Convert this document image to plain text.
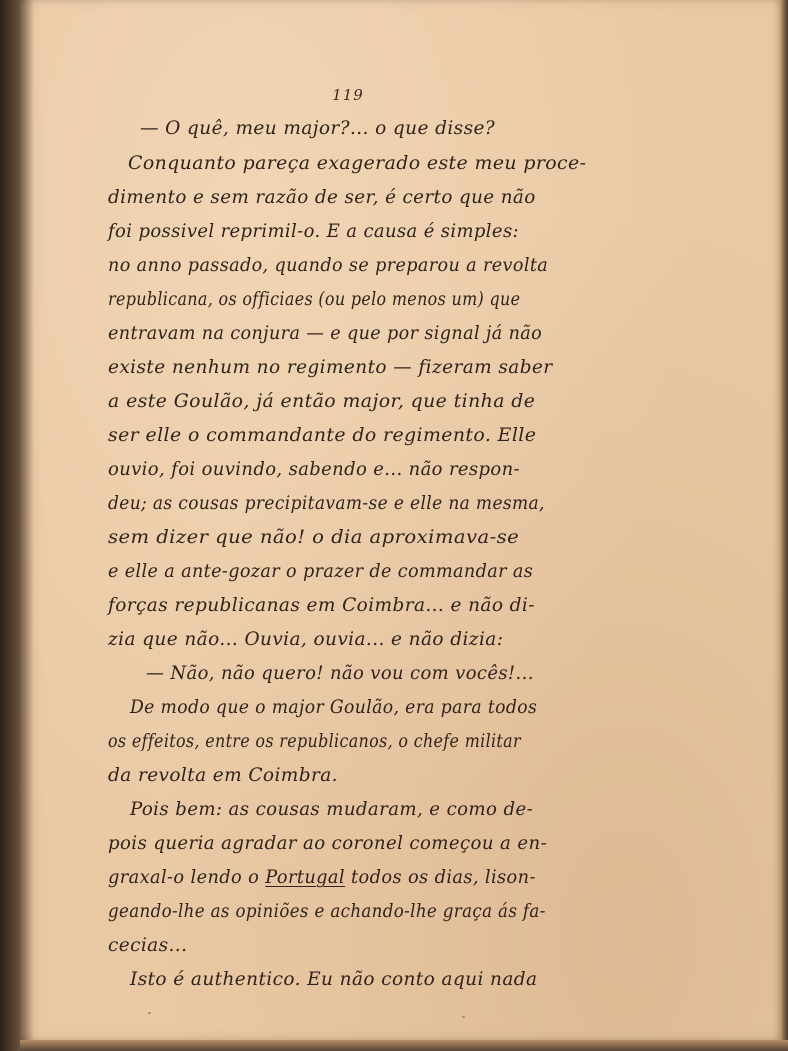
119

— O quê, meu major?... o que disse?

Conquanto pareça exagerado este meu proce-

dimento e sem razão de ser, é certo que não

foi possivel reprimil-o. E a causa é simples:

no anno passado, quando se preparou a revolta

republicana, os officiaes (ou pelo menos um) que

entravam na conjura — e que por signal já não

existe nenhum no regimento — fizeram saber

a este Goulão, já então major, que tinha de

ser elle o commandante do regimento. Elle

ouvio, foi ouvindo, sabendo e... não respon-

deu; as cousas precipitavam-se e elle na mesma,

sem dizer que não! o dia aproximava-se

e elle a ante-gozar o prazer de commandar as

forças republicanas em Coimbra... e não di-

zia que não... Ouvia, ouvia... e não dizia:

— Não, não quero! não vou com vocês!...

De modo que o major Goulão, era para todos

os effeitos, entre os republicanos, o chefe militar

da revolta em Coimbra.

Pois bem: as cousas mudaram, e como de-

pois queria agradar ao coronel começou a en-

graxal-o lendo o Portugal todos os dias, lison-

geando-lhe as opiniões e achando-lhe graça ás fa-

cecias...

Isto é authentico. Eu não conto aqui nada
